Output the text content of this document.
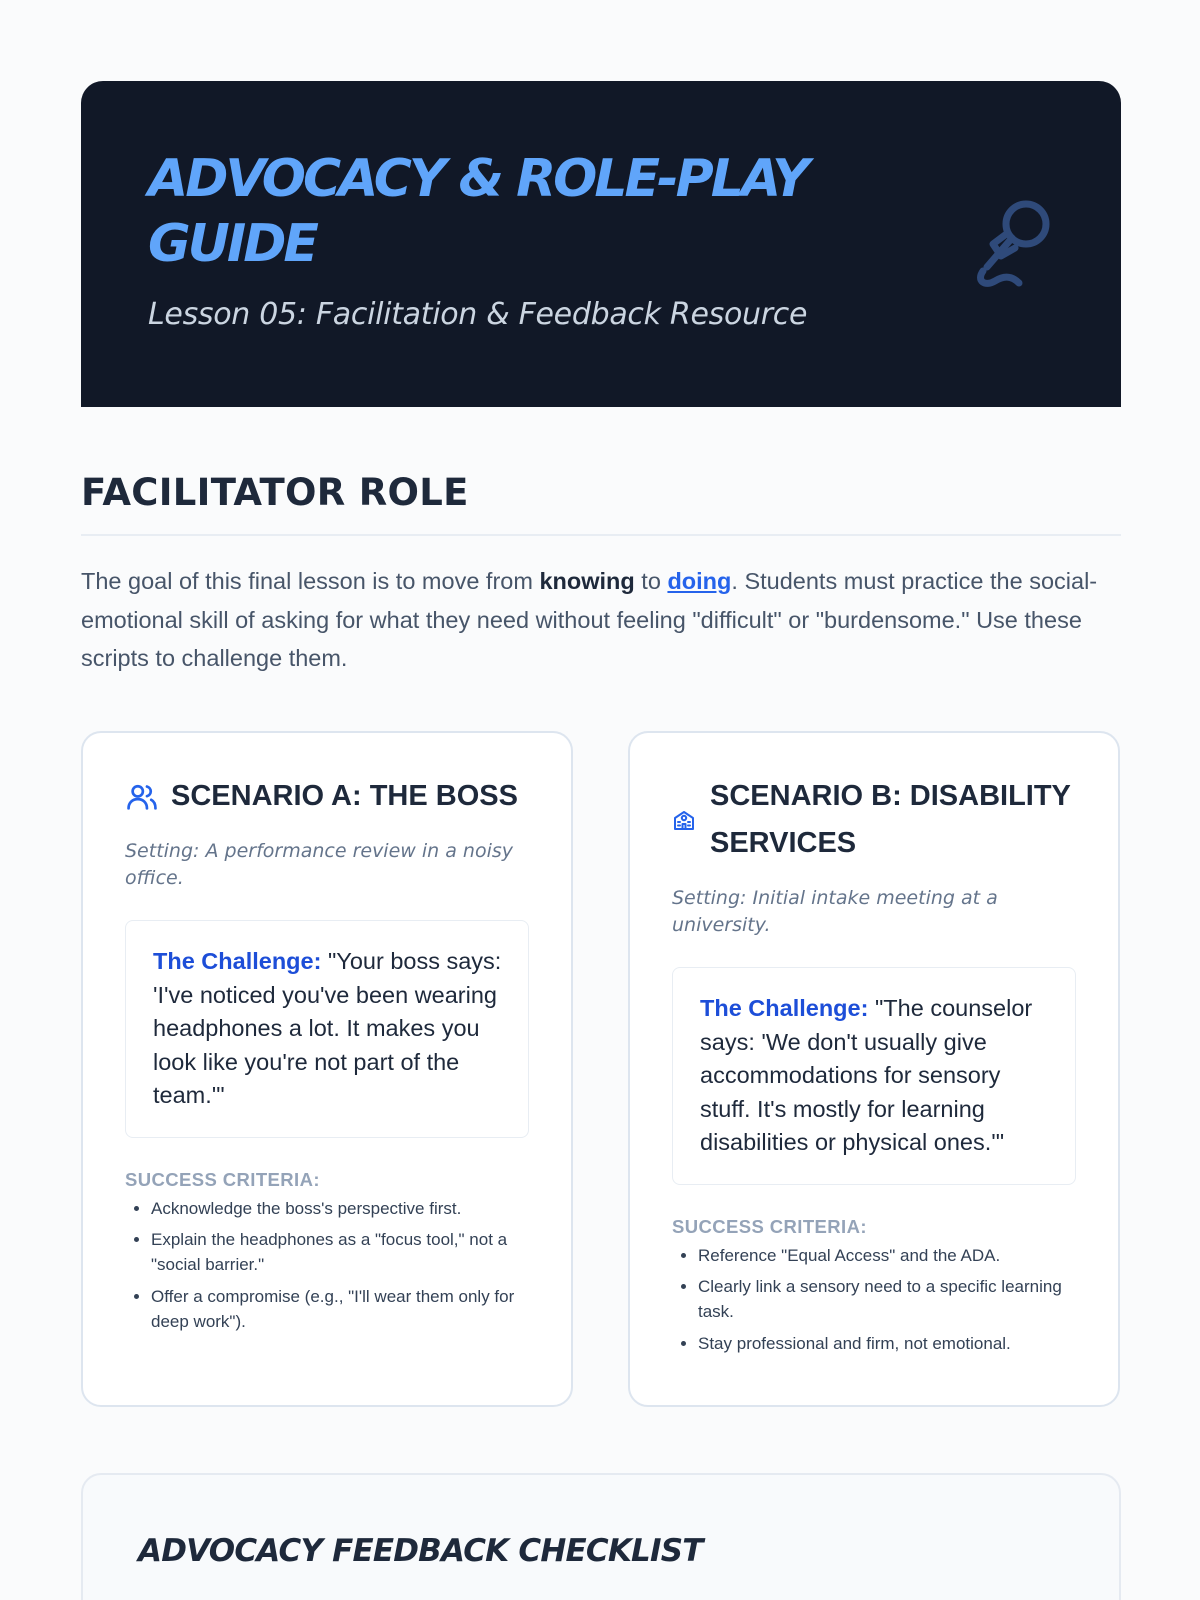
ADVOCACY & ROLE-PLAY GUIDE

Lesson 05: Facilitation & Feedback Resource

FACILITATOR ROLE

The goal of this final lesson is to move from knowing to doing. Students must practice the social-emotional skill of asking for what they need without feeling "difficult" or "burdensome." Use these scripts to challenge them.

SCENARIO A: THE BOSS

Setting: A performance review in a noisy office.

The Challenge: "Your boss says: 'I've noticed you've been wearing headphones a lot. It makes you look like you're not part of the team.'"

SUCCESS CRITERIA:

• Acknowledge the boss's perspective first.
• Explain the headphones as a "focus tool," not a "social barrier."
• Offer a compromise (e.g., "I'll wear them only for deep work").
SCENARIO B: DISABILITY SERVICES

Setting: Initial intake meeting at a university.

The Challenge: "The counselor says: 'We don't usually give accommodations for sensory stuff. It's mostly for learning disabilities or physical ones.'"

SUCCESS CRITERIA:

• Reference "Equal Access" and the ADA.
• Clearly link a sensory need to a specific learning task.
• Stay professional and firm, not emotional.
ADVOCACY FEEDBACK CHECKLIST
